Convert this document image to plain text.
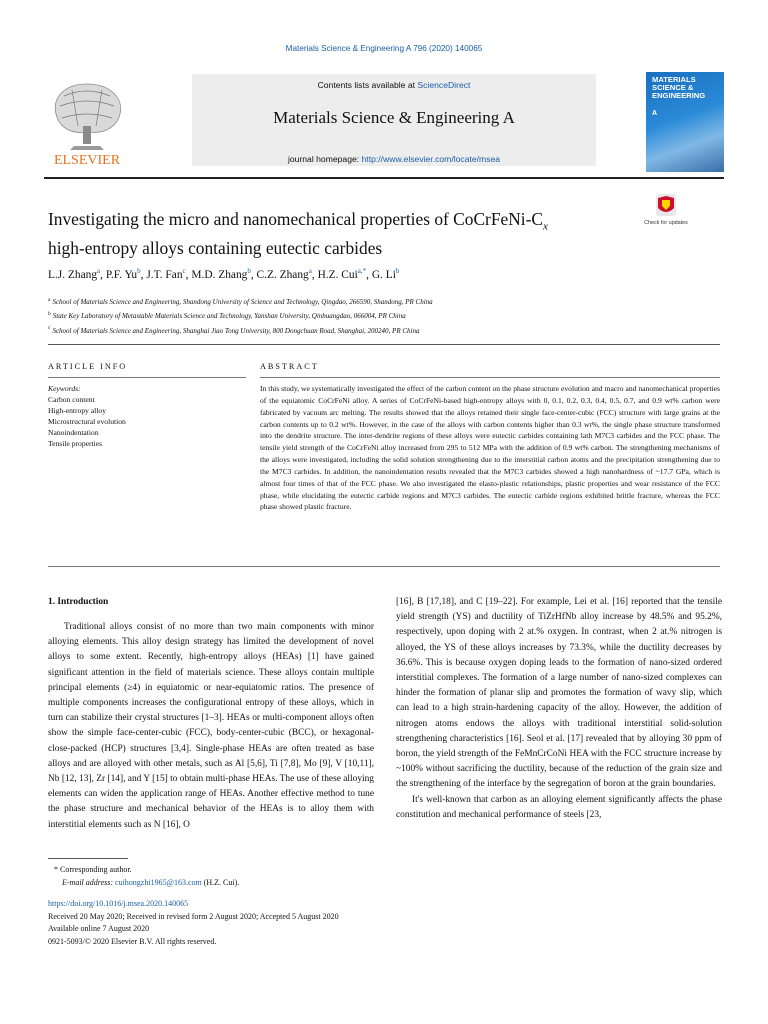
Materials Science & Engineering A 796 (2020) 140065
ELSEVIER
Contents lists available at ScienceDirect
Materials Science & Engineering A
journal homepage: http://www.elsevier.com/locate/msea
MATERIALS SCIENCE & ENGINEERING
A
Investigating the micro and nanomechanical properties of CoCrFeNi-$C_x$
high-entropy alloys containing eutectic carbides
Check for updates
L.J. Zhang$^a$, P.F. Yu$^b$, J.T. Fan$^c$, M.D. Zhang$^b$, C.Z. Zhang$^a$, H.Z. Cui$^{a,*}$, G. Li$^b$
$^a$ School of Materials Science and Engineering, Shandong University of Science and Technology, Qingdao, 266590, Shandong, PR China
$^b$ State Key Laboratory of Metastable Materials Science and Technology, Yanshan University, Qinhuangdao, 066004, PR China
$^c$ School of Materials Science and Engineering, Shanghai Jiao Tong University, 800 Dongchuan Road, Shanghai, 200240, PR China
ARTICLE INFO	ABSTRACT
Keywords:
Carbon content
High-entropy alloy
Microstructural evolution
Nanoindentation
Tensile properties
In this study, we systematically investigated the effect of the carbon content on the phase structure evolution and macro and nanomechanical properties of the equiatomic CoCrFeNi alloy. A series of CoCrFeNi-based high-entropy alloys with 0, 0.1, 0.2, 0.3, 0.4, 0.5, 0.7, and 0.9 wt% carbon were fabricated by vacuum arc melting. The results showed that the alloys retained their single face-center-cubic (FCC) structure with large grains at the carbon contents up to 0.2 wt%. However, in the case of the alloys with carbon contents higher than 0.3 wt%, the single phase structure transformed into the dendrite structure. The inter-dendrite regions of these alloys were eutectic carbides containing lath M7C3 carbides and the FCC phase. The tensile yield strength of the CoCrFeNi alloy increased from 295 to 512 MPa with the addition of 0.9 wt% carbon. The strengthening mechanisms of the alloys were investigated, including the solid solution strengthening due to the interstitial carbon atoms and the precipitation strengthening due to the M7C3 carbides. In addition, the nanoindentation results revealed that the M7C3 carbides showed a high nanohardness of ~17.7 GPa, which is almost four times of that of the FCC phase. We also investigated the elasto-plastic relationships, plastic properties and wear resistance of the FCC phase, while elucidating the eutectic carbide regions and M7C3 carbides. The eutectic carbide regions exhibited brittle fracture, whereas the FCC phase showed plastic fracture.
1. Introduction
Traditional alloys consist of no more than two main components with minor alloying elements. This alloy design strategy has limited the development of novel alloys to some extent. Recently, high-entropy alloys (HEAs) [1] have gained significant attention in the field of materials science. These alloys contain multiple principal elements (≥4) in equiatomic or near-equiatomic ratios. The presence of multiple components increases the configurational entropy of these alloys, which in turn can stabilize their crystal structures [1–3]. HEAs or multi-component alloys often show the simple face-center-cubic (FCC), body-center-cubic (BCC), or hexagonal-close-packed (HCP) structures [3,4]. Single-phase HEAs are often treated as base alloys and are alloyed with other metals, such as Al [5,6], Ti [7,8], Mo [9], V [10,11], Nb [12, 13], Zr [14], and Y [15] to obtain multi-phase HEAs. The use of these alloying elements can widen the application range of HEAs. Another effective method to tune the phase structure and mechanical behavior of the HEAs is to alloy them with interstitial elements such as N [16], O
[16], B [17,18], and C [19–22]. For example, Lei et al. [16] reported that the tensile yield strength (YS) and ductility of TiZrHfNb alloy increase by 48.5% and 95.2%, respectively, upon doping with 2 at.% oxygen. In contrast, when 2 at.% nitrogen is alloyed, the YS of these alloys increases by 73.3%, while the ductility decreases by 36.6%. This is because oxygen doping leads to the formation of nano-sized ordered interstitial complexes. The formation of a large number of nano-sized complexes can hinder the formation of planar slip and promotes the formation of wavy slip, which can lead to a high strain-hardening capacity of the alloy. However, the addition of nitrogen atoms endows the alloys with traditional interstitial solid-solution strengthening characteristics [16]. Seol et al. [17] revealed that by alloying 30 ppm of boron, the yield strength of the FeMnCrCoNi HEA with the FCC structure increase by ~100% without sacrificing the ductility, because of the reduction of the grain size and the strengthening of the interface by the segregation of boron at the grain boundaries.
It's well-known that carbon as an alloying element significantly affects the phase constitution and mechanical performance of steels [23,
* Corresponding author.
E-mail address: cuihongzhi1965@163.com (H.Z. Cui).
https://doi.org/10.1016/j.msea.2020.140065
Received 20 May 2020; Received in revised form 2 August 2020; Accepted 5 August 2020
Available online 7 August 2020
0921-5093/© 2020 Elsevier B.V. All rights reserved.
